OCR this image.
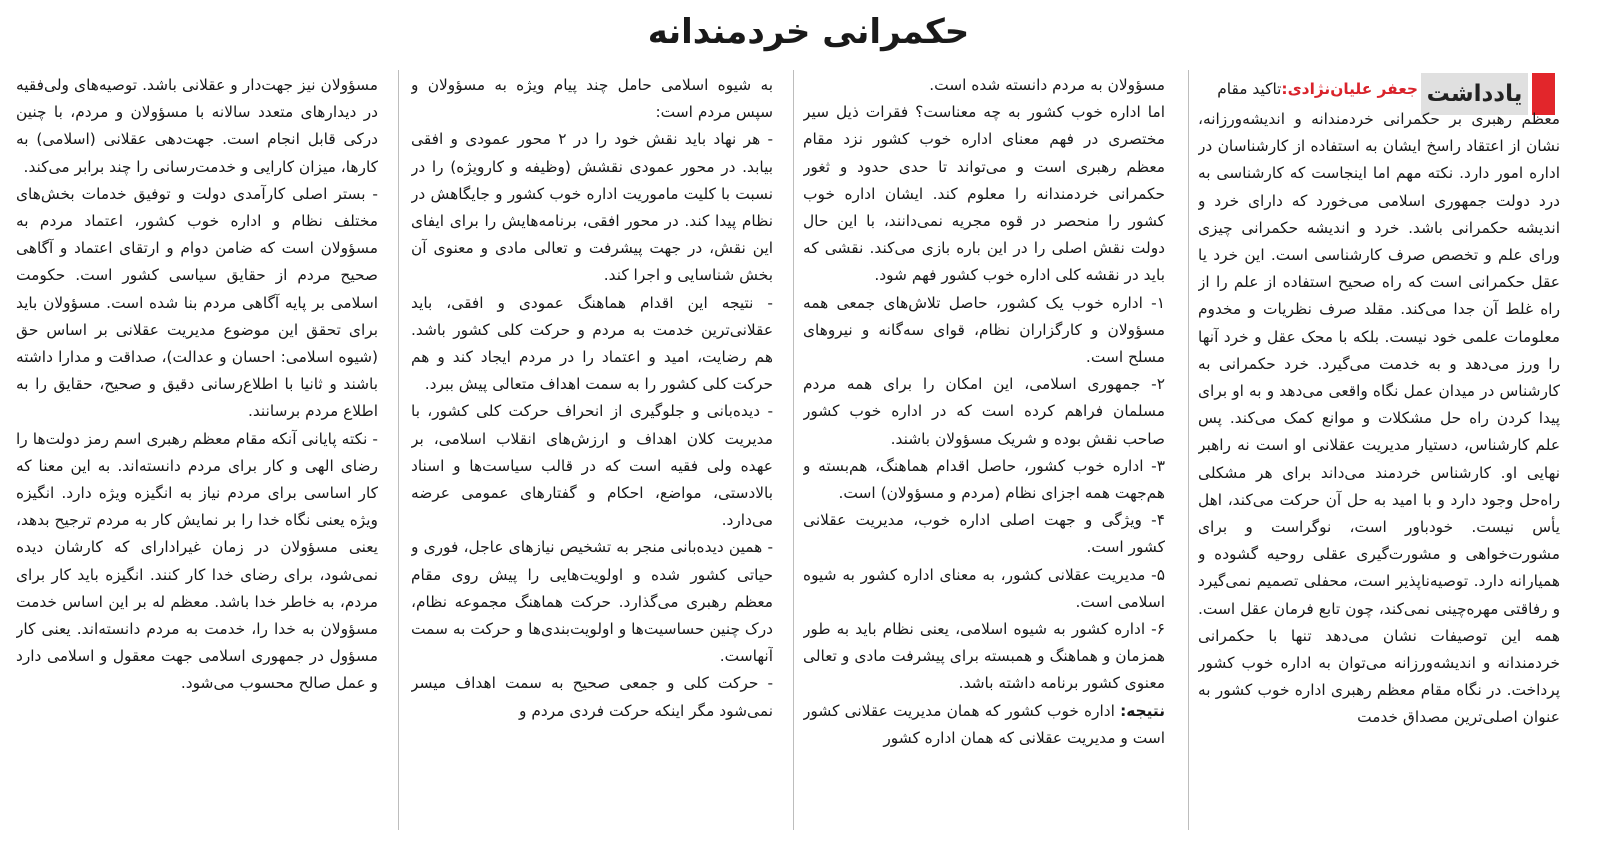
حکمرانی خردمندانه
یادداشت
جعفر علیان‌نژادی:تاکید مقام

معظم رهبری بر حکمرانی خردمندانه و اندیشه‌ورزانه، نشان از اعتقاد راسخ ایشان به استفاده از کارشناسان در اداره امور دارد. نکته مهم اما اینجاست که کارشناسی به درد دولت جمهوری اسلامی می‌خورد که دارای خرد و اندیشه حکمرانی باشد. خرد و اندیشه حکمرانی چیزی ورای علم و تخصص صرف کارشناسی است. این خرد یا عقل حکمرانی است که راه صحیح استفاده از علم را از راه غلط آن جدا می‌کند. مقلد صرف نظریات و مخدوم معلومات علمی خود نیست. بلکه با محک عقل و خرد آنها را ورز می‌دهد و به خدمت می‌گیرد. خرد حکمرانی به کارشناس در میدان عمل نگاه واقعی می‌دهد و به او برای پیدا کردن راه حل مشکلات و موانع کمک می‌کند. پس علم کارشناس، دستیار مدیریت عقلانی او است نه راهبر نهایی او. کارشناس خردمند می‌داند برای هر مشکلی راه‌حل وجود دارد و با امید به حل آن حرکت می‌کند، اهل یأس نیست. خودباور است، نوگراست و برای مشورت‌خواهی و مشورت‌گیری عقلی روحیه گشوده و همیارانه دارد. توصیه‌ناپذیر است، محفلی تصمیم نمی‌گیرد و رفاقتی مهره‌چینی نمی‌کند، چون تابع فرمان عقل است. همه این توصیفات نشان می‌دهد تنها با حکمرانی خردمندانه و اندیشه‌ورزانه می‌توان به اداره خوب کشور پرداخت. در نگاه مقام معظم رهبری اداره خوب کشور به عنوان اصلی‌ترین مصداق خدمت

مسؤولان به مردم دانسته شده است.

اما اداره خوب کشور به چه معناست؟ فقرات ذیل سیر مختصری در فهم معنای اداره خوب کشور نزد مقام معظم رهبری است و می‌تواند تا حدی حدود و ثغور حکمرانی خردمندانه را معلوم کند. ایشان اداره خوب کشور را منحصر در قوه مجریه نمی‌دانند، با این حال دولت نقش اصلی را در این باره بازی می‌کند. نقشی که باید در نقشه کلی اداره خوب کشور فهم شود.

۱- اداره خوب یک کشور، حاصل تلاش‌های جمعی همه مسؤولان و کارگزاران نظام، قوای سه‌گانه و نیروهای مسلح است.

۲- جمهوری اسلامی، این امکان را برای همه مردم مسلمان فراهم کرده است که در اداره خوب کشور صاحب نقش بوده و شریک مسؤولان باشند.

۳- اداره خوب کشور، حاصل اقدام هماهنگ، هم‌بسته و هم‌جهت همه اجزای نظام (مردم و مسؤولان) است.

۴- ویژگی و جهت اصلی اداره خوب، مدیریت عقلانی کشور است.

۵- مدیریت عقلانی کشور، به معنای اداره کشور به شیوه اسلامی است.

۶- اداره کشور به شیوه اسلامی، یعنی نظام باید به طور همزمان و هماهنگ و همبسته برای پیشرفت مادی و تعالی معنوی کشور برنامه داشته باشد.

نتیجه: اداره خوب کشور که همان مدیریت عقلانی کشور است و مدیریت عقلانی که همان اداره کشور

به شیوه اسلامی حامل چند پیام ویژه به مسؤولان و سپس مردم است:

- هر نهاد باید نقش خود را در ۲ محور عمودی و افقی بیابد. در محور عمودی نقشش (وظیفه و کارویژه) را در نسبت با کلیت ماموریت اداره خوب کشور و جایگاهش در نظام پیدا کند. در محور افقی، برنامه‌هایش را برای ایفای این نقش، در جهت پیشرفت و تعالی مادی و معنوی آن بخش شناسایی و اجرا کند.

- نتیجه این اقدام هماهنگ عمودی و افقی، باید عقلانی‌ترین خدمت به مردم و حرکت کلی کشور باشد. هم رضایت، امید و اعتماد را در مردم ایجاد کند و هم حرکت کلی کشور را به سمت اهداف متعالی پیش ببرد.

- دیده‌بانی و جلوگیری از انحراف حرکت کلی کشور، با مدیریت کلان اهداف و ارزش‌های انقلاب اسلامی، بر عهده ولی فقیه است که در قالب سیاست‌ها و اسناد بالادستی، مواضع، احکام و گفتارهای عمومی عرضه می‌دارد.

- همین دیده‌بانی منجر به تشخیص نیازهای عاجل، فوری و حیاتی کشور شده و اولویت‌هایی را پیش روی مقام معظم رهبری می‌گذارد. حرکت هماهنگ مجموعه نظام، درک چنین حساسیت‌ها و اولویت‌بندی‌ها و حرکت به سمت آنهاست.

- حرکت کلی و جمعی صحیح به سمت اهداف میسر نمی‌شود مگر اینکه حرکت فردی مردم و

مسؤولان نیز جهت‌دار و عقلانی باشد. توصیه‌های ولی‌فقیه در دیدارهای متعدد سالانه با مسؤولان و مردم، با چنین درکی قابل انجام است. جهت‌دهی عقلانی (اسلامی) به کارها، میزان کارایی و خدمت‌رسانی را چند برابر می‌کند.

- بستر اصلی کارآمدی دولت و توفیق خدمات بخش‌های مختلف نظام و اداره خوب کشور، اعتماد مردم به مسؤولان است که ضامن دوام و ارتقای اعتماد و آگاهی صحیح مردم از حقایق سیاسی کشور است. حکومت اسلامی بر پایه آگاهی مردم بنا شده است. مسؤولان باید برای تحقق این موضوع مدیریت عقلانی بر اساس حق (شیوه اسلامی: احسان و عدالت)، صداقت و مدارا داشته باشند و ثانیا با اطلاع‌رسانی دقیق و صحیح، حقایق را به اطلاع مردم برسانند.

- نکته پایانی آنکه مقام معظم رهبری اسم رمز دولت‌ها را رضای الهی و کار برای مردم دانسته‌اند. به این معنا که کار اساسی برای مردم نیاز به انگیزه ویژه دارد. انگیزه ویژه یعنی نگاه خدا را بر نمایش کار به مردم ترجیح بدهد، یعنی مسؤولان در زمان غیرادارای که کارشان دیده نمی‌شود، برای رضای خدا کار کنند. انگیزه باید کار برای مردم، به خاطر خدا باشد. معظم له بر این اساس خدمت مسؤولان به خدا را، خدمت به مردم دانسته‌اند. یعنی کار مسؤول در جمهوری اسلامی جهت معقول و اسلامی دارد و عمل صالح محسوب می‌شود.
